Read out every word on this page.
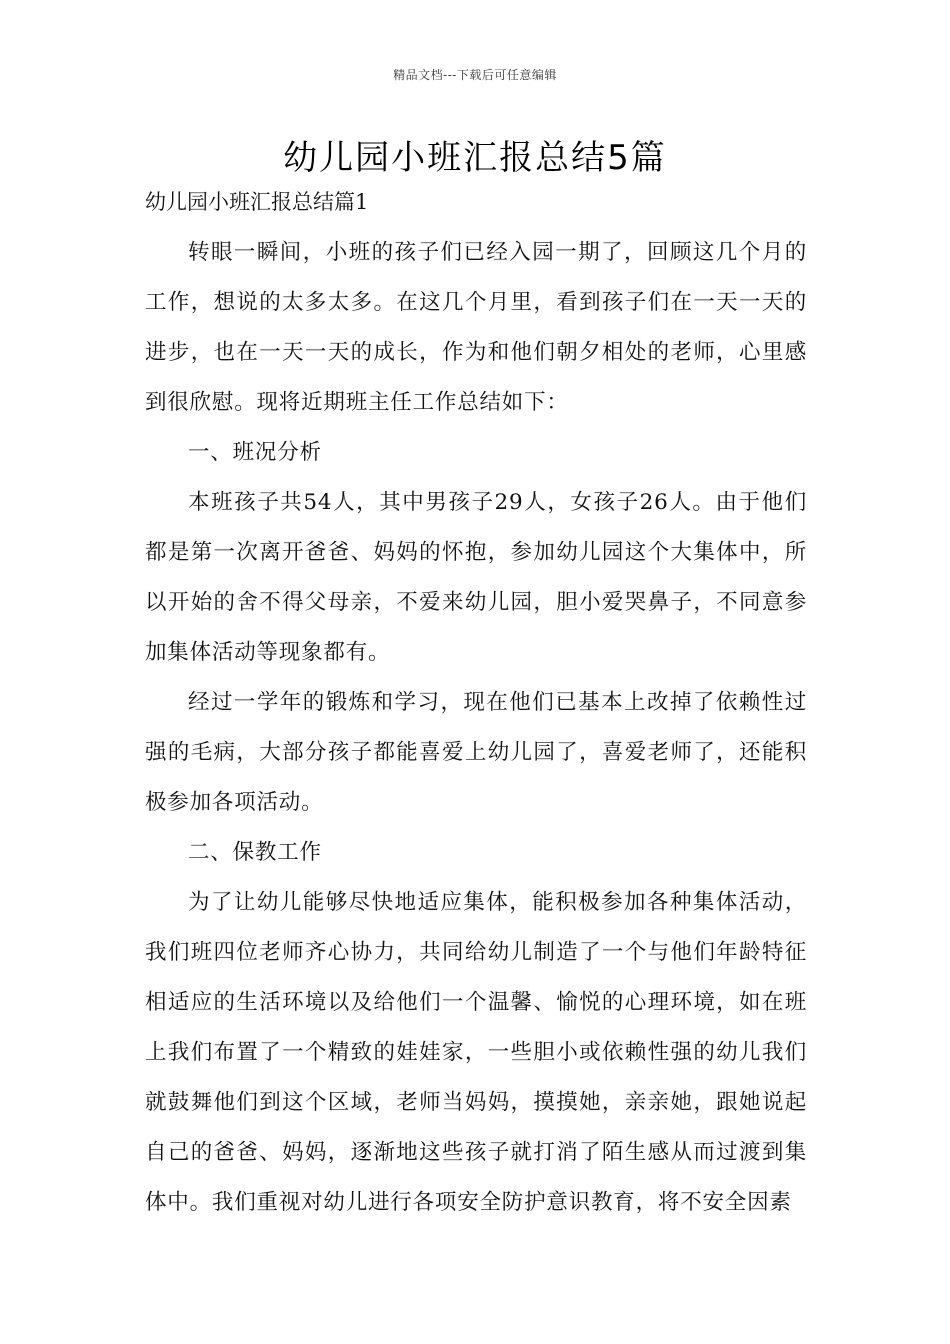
精品文档---下载后可任意编辑
幼儿园小班汇报总结5篇
幼儿园小班汇报总结篇1

转眼一瞬间，小班的孩子们已经入园一期了，回顾这几个月的工作，想说的太多太多。在这几个月里，看到孩子们在一天一天的进步，也在一天一天的成长，作为和他们朝夕相处的老师，心里感到很欣慰。现将近期班主任工作总结如下：

一、班况分析

本班孩子共54人，其中男孩子29人，女孩子26人。由于他们都是第一次离开爸爸、妈妈的怀抱，参加幼儿园这个大集体中，所以开始的舍不得父母亲，不爱来幼儿园，胆小爱哭鼻子，不同意参加集体活动等现象都有。

经过一学年的锻炼和学习，现在他们已基本上改掉了依赖性过强的毛病，大部分孩子都能喜爱上幼儿园了，喜爱老师了，还能积极参加各项活动。

二、保教工作

为了让幼儿能够尽快地适应集体，能积极参加各种集体活动，我们班四位老师齐心协力，共同给幼儿制造了一个与他们年龄特征相适应的生活环境以及给他们一个温馨、愉悦的心理环境，如在班上我们布置了一个精致的娃娃家，一些胆小或依赖性强的幼儿我们就鼓舞他们到这个区域，老师当妈妈，摸摸她，亲亲她，跟她说起自己的爸爸、妈妈，逐渐地这些孩子就打消了陌生感从而过渡到集体中。我们重视对幼儿进行各项安全防护意识教育，将不安全因素
